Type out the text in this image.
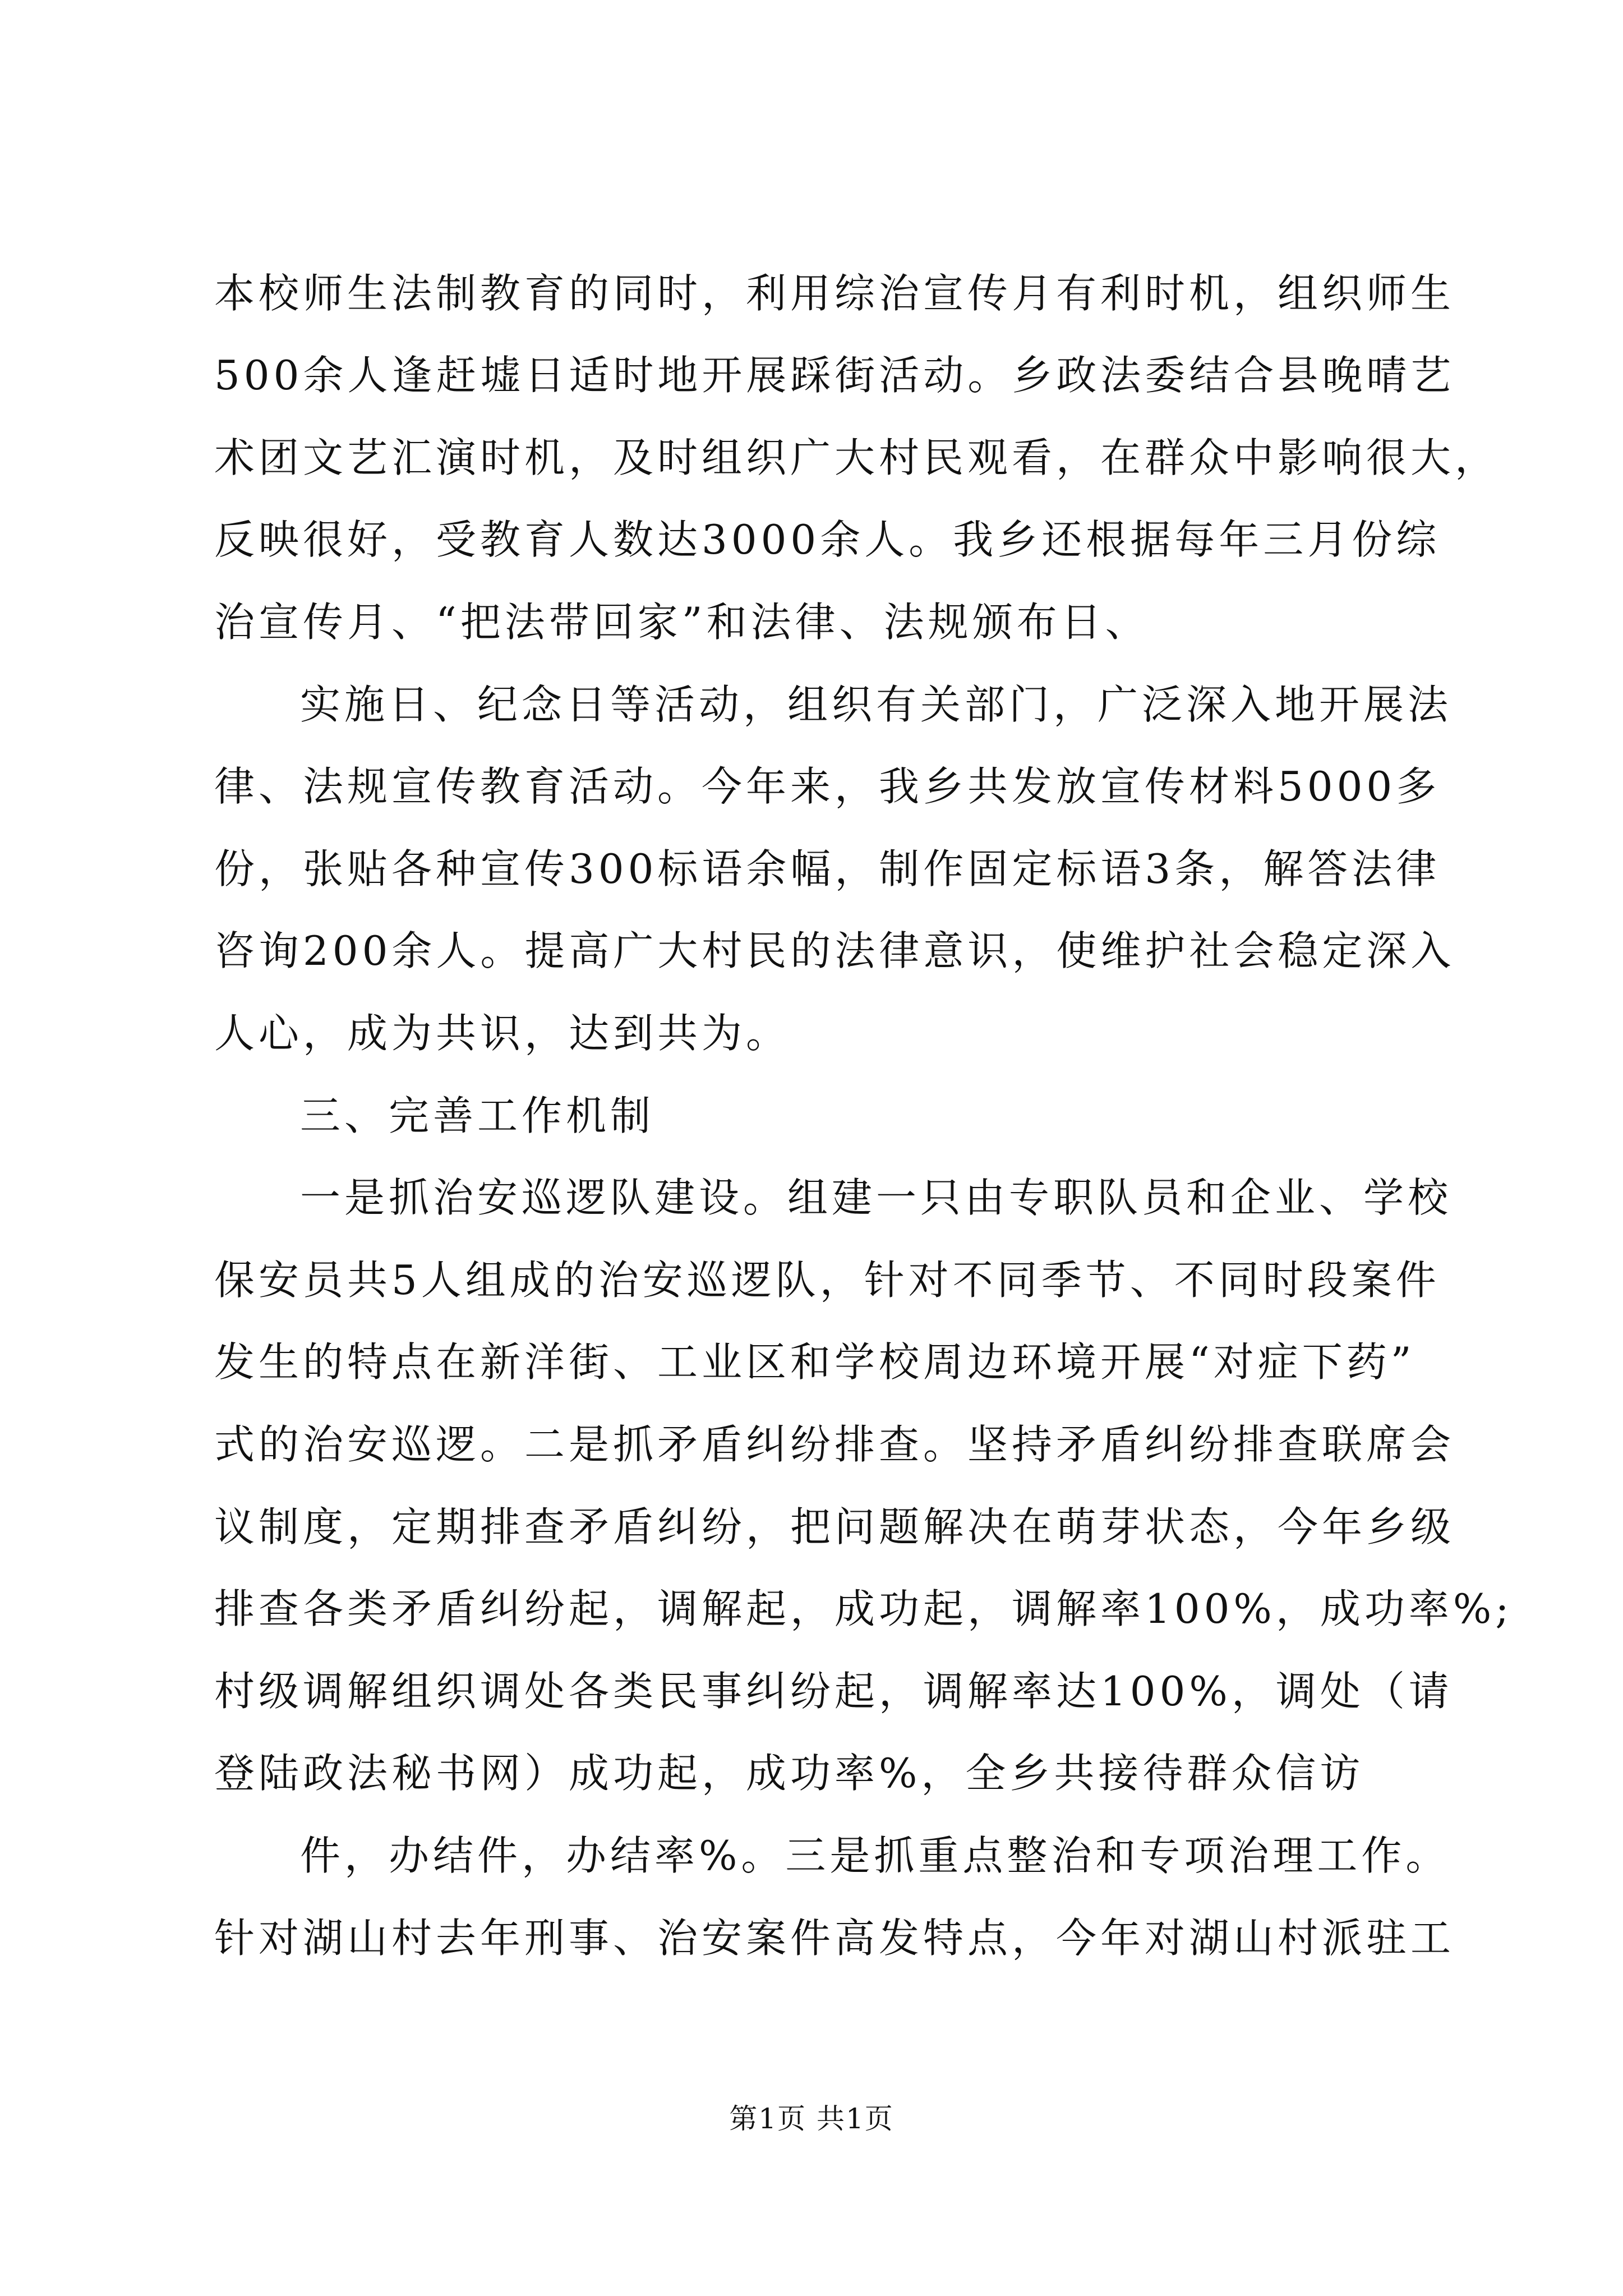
本校师生法制教育的同时，利用综治宣传月有利时机，组织师生
500余人逢赶墟日适时地开展踩街活动。乡政法委结合县晚晴艺
术团文艺汇演时机，及时组织广大村民观看，在群众中影响很大，
反映很好，受教育人数达3000余人。我乡还根据每年三月份综
治宣传月、“把法带回家”和法律、法规颁布日、
实施日、纪念日等活动，组织有关部门，广泛深入地开展法
律、法规宣传教育活动。今年来，我乡共发放宣传材料5000多
份，张贴各种宣传300标语余幅，制作固定标语3条，解答法律
咨询200余人。提高广大村民的法律意识，使维护社会稳定深入
人心，成为共识，达到共为。
三、完善工作机制
一是抓治安巡逻队建设。组建一只由专职队员和企业、学校
保安员共5人组成的治安巡逻队，针对不同季节、不同时段案件
发生的特点在新洋街、工业区和学校周边环境开展“对症下药”
式的治安巡逻。二是抓矛盾纠纷排查。坚持矛盾纠纷排查联席会
议制度，定期排查矛盾纠纷，把问题解决在萌芽状态，今年乡级
排查各类矛盾纠纷起，调解起，成功起，调解率100%，成功率%;
村级调解组织调处各类民事纠纷起，调解率达100%，调处（请
登陆政法秘书网）成功起，成功率%，全乡共接待群众信访
件，办结件，办结率%。三是抓重点整治和专项治理工作。
针对湖山村去年刑事、治安案件高发特点，今年对湖山村派驻工
第1页 共1页
